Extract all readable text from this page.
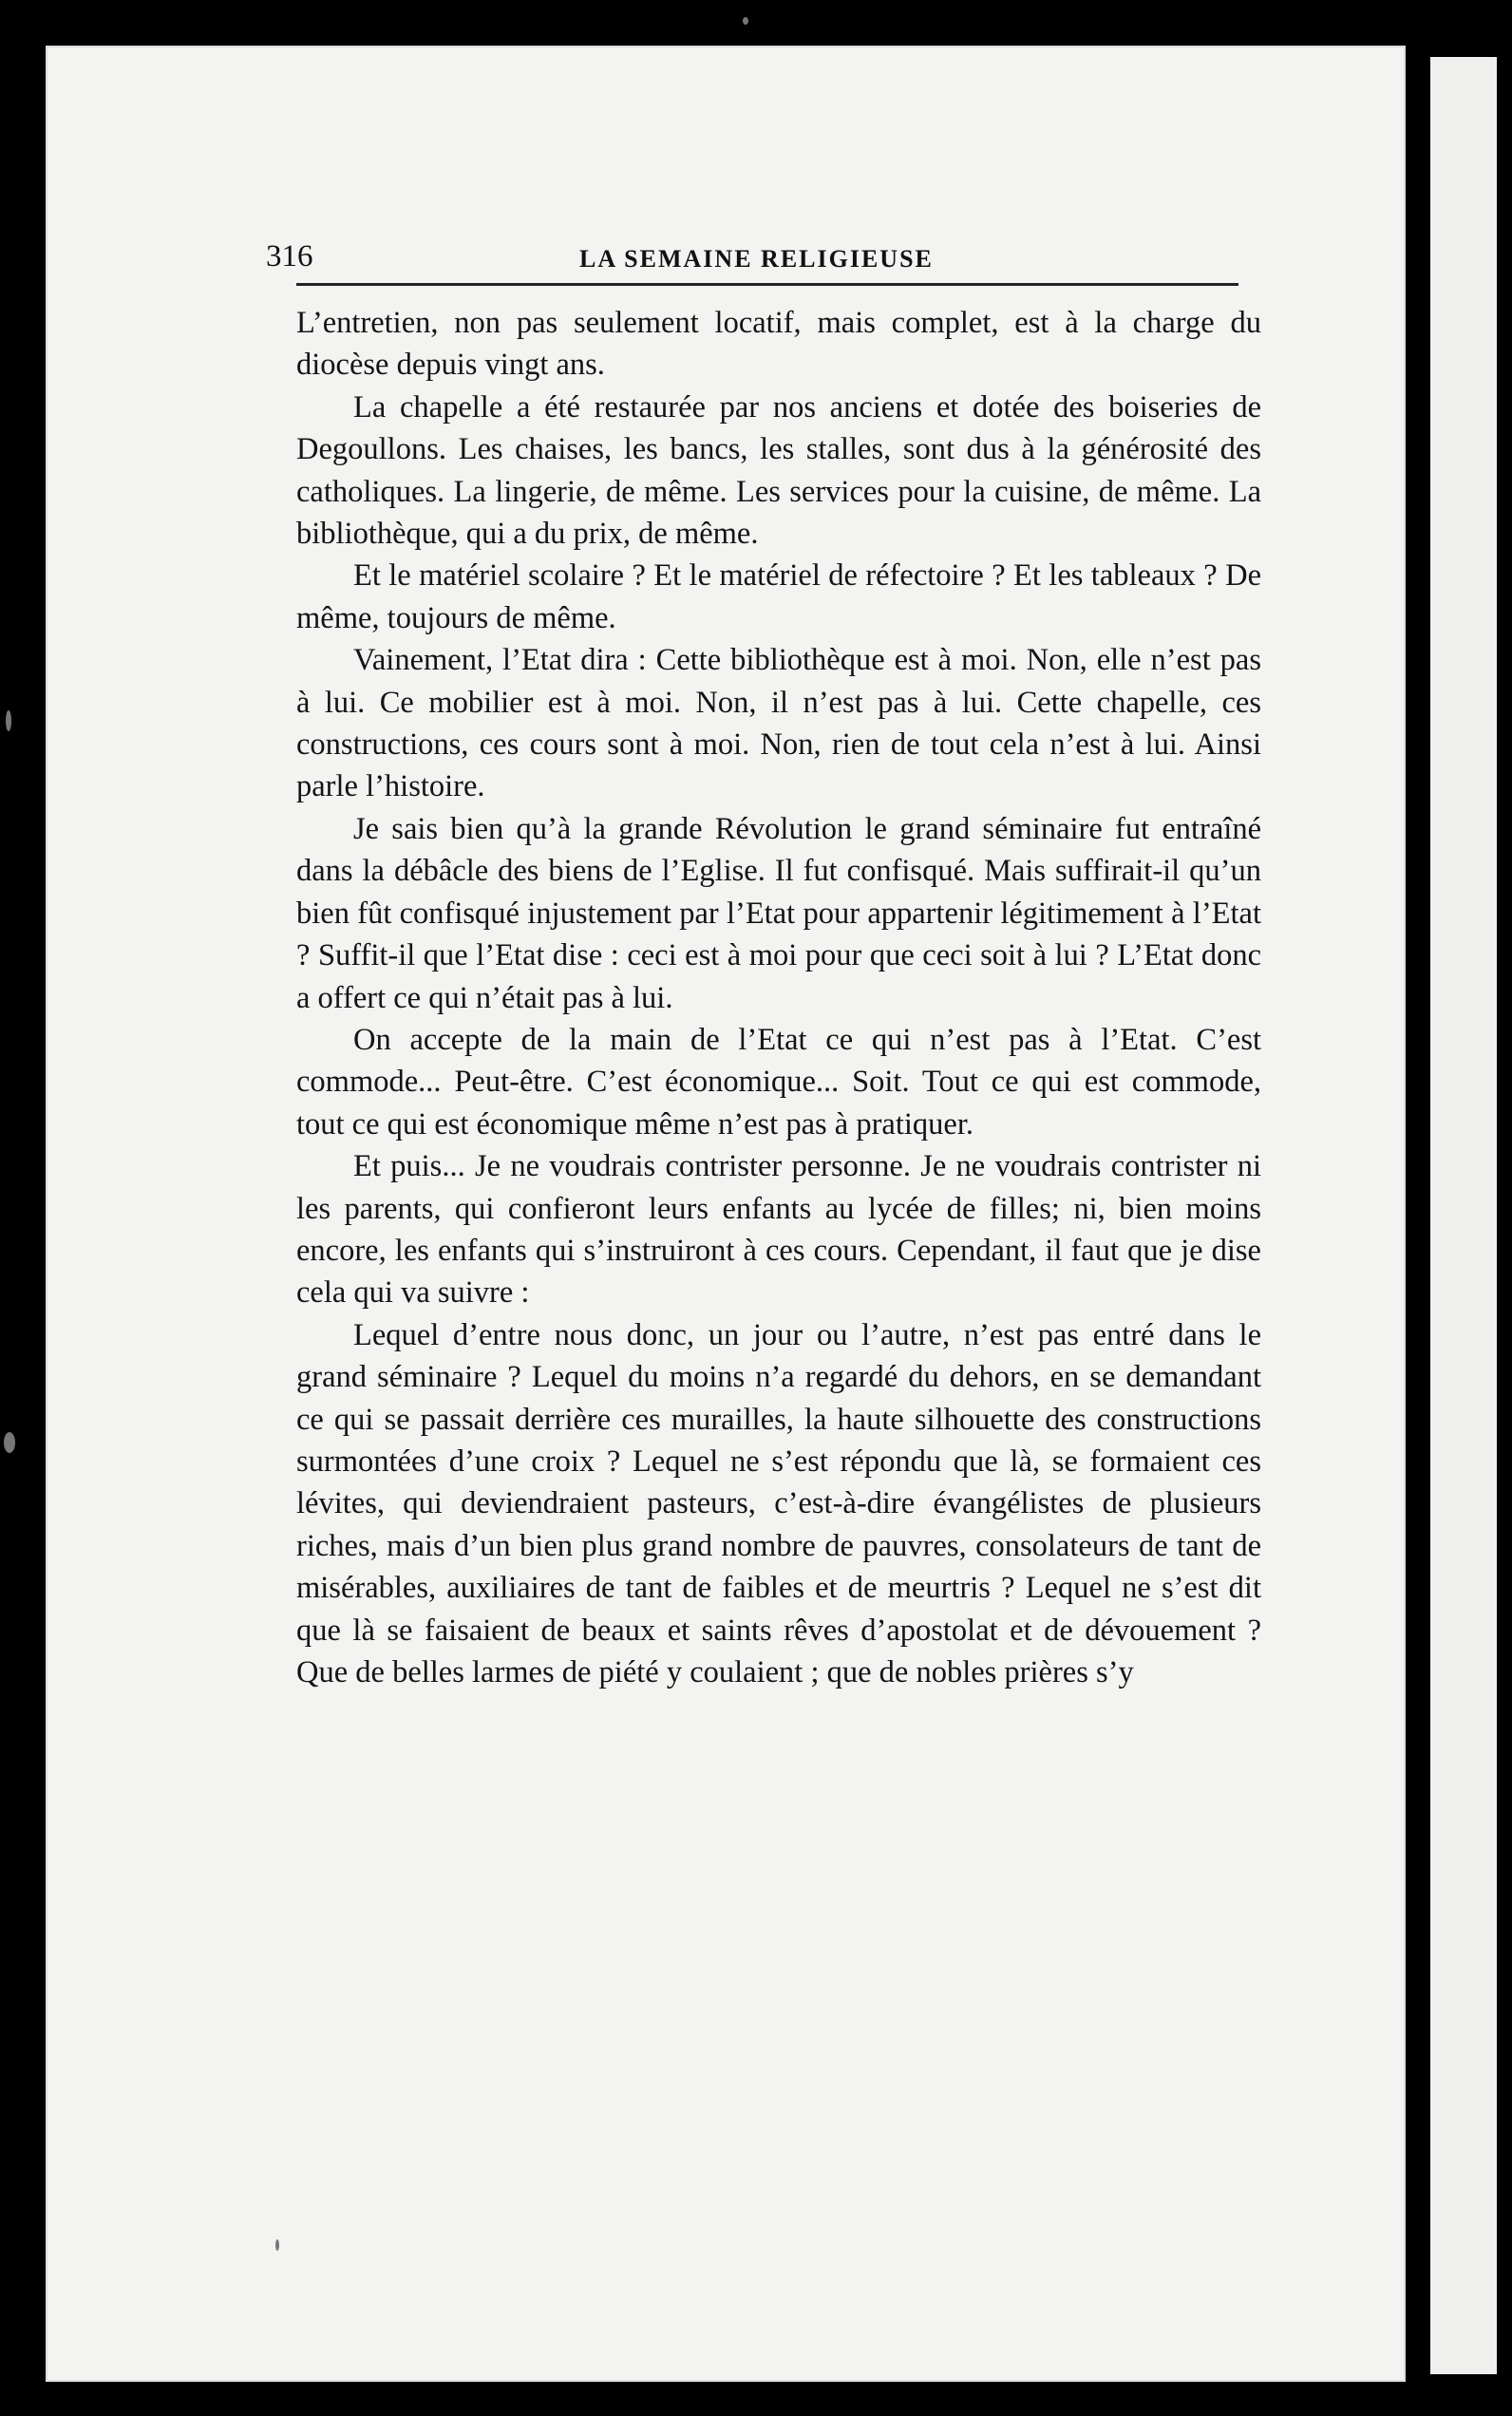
316	LA SEMAINE RELIGIEUSE

L’entretien, non pas seulement locatif, mais complet, est à la charge du diocèse depuis vingt ans.

La chapelle a été restaurée par nos anciens et dotée des boiseries de Degoullons. Les chaises, les bancs, les stalles, sont dus à la générosité des catholiques. La lingerie, de même. Les services pour la cuisine, de même. La bibliothèque, qui a du prix, de même.

Et le matériel scolaire ? Et le matériel de réfectoire ? Et les tableaux ? De même, toujours de même.

Vainement, l’Etat dira : Cette bibliothèque est à moi. Non, elle n’est pas à lui. Ce mobilier est à moi. Non, il n’est pas à lui. Cette chapelle, ces constructions, ces cours sont à moi. Non, rien de tout cela n’est à lui. Ainsi parle l’histoire.

Je sais bien qu’à la grande Révolution le grand séminaire fut entraîné dans la débâcle des biens de l’Eglise. Il fut confisqué. Mais suffirait-il qu’un bien fût confisqué injustement par l’Etat pour appartenir légitimement à l’Etat ? Suffit-il que l’Etat dise : ceci est à moi pour que ceci soit à lui ? L’Etat donc a offert ce qui n’était pas à lui.

On accepte de la main de l’Etat ce qui n’est pas à l’Etat. C’est commode... Peut-être. C’est économique... Soit. Tout ce qui est commode, tout ce qui est économique même n’est pas à pratiquer.

Et puis... Je ne voudrais contrister personne. Je ne voudrais contrister ni les parents, qui confieront leurs enfants au lycée de filles; ni, bien moins encore, les enfants qui s’instruiront à ces cours. Cependant, il faut que je dise cela qui va suivre :

Lequel d’entre nous donc, un jour ou l’autre, n’est pas entré dans le grand séminaire ? Lequel du moins n’a regardé du dehors, en se demandant ce qui se passait derrière ces murailles, la haute silhouette des constructions surmontées d’une croix ? Lequel ne s’est répondu que là, se formaient ces lévites, qui deviendraient pasteurs, c’est-à-dire évangélistes de plusieurs riches, mais d’un bien plus grand nombre de pauvres, consolateurs de tant de misérables, auxiliaires de tant de faibles et de meurtris ? Lequel ne s’est dit que là se faisaient de beaux et saints rêves d’apostolat et de dévouement ? Que de belles larmes de piété y coulaient ; que de nobles prières s’y
